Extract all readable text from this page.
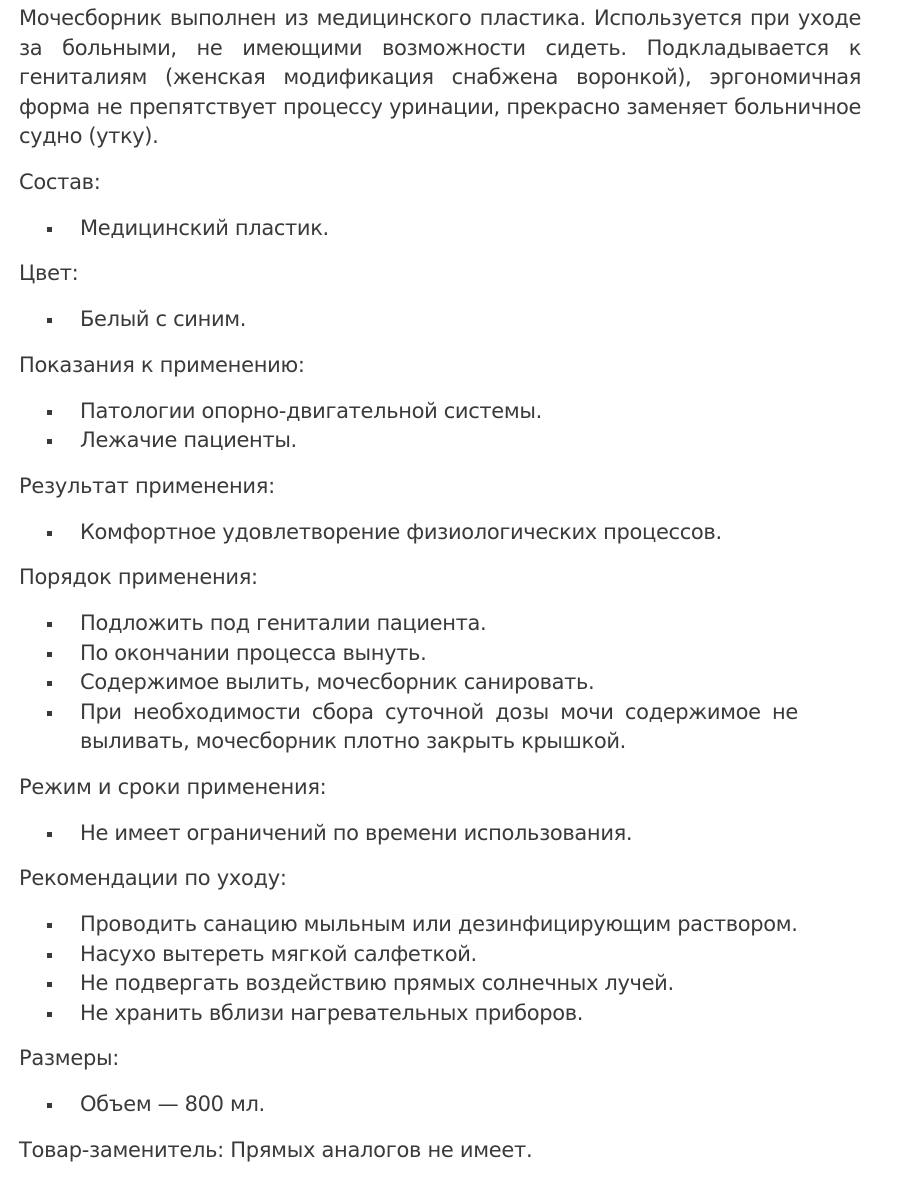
Мочесборник выполнен из медицинского пластика. Используется при уходе за больными, не имеющими возможности сидеть. Подкладывается к гениталиям (женская модификация снабжена воронкой), эргономичная форма не препятствует процессу уринации, прекрасно заменяет больничное судно (утку).

Состав:
Медицинский пластик.
Цвет:
Белый с синим.
Показания к применению:
Патологии опорно-двигательной системы.
Лежачие пациенты.
Результат применения:
Комфортное удовлетворение физиологических процессов.
Порядок применения:
Подложить под гениталии пациента.
По окончании процесса вынуть.
Содержимое вылить, мочесборник санировать.
При необходимости сбора суточной дозы мочи содержимое не выливать, мочесборник плотно закрыть крышкой.
Режим и сроки применения:
Не имеет ограничений по времени использования.
Рекомендации по уходу:
Проводить санацию мыльным или дезинфицирующим раствором.
Насухо вытереть мягкой салфеткой.
Не подвергать воздействию прямых солнечных лучей.
Не хранить вблизи нагревательных приборов.
Размеры:
Объем — 800 мл.

Товар-заменитель: Прямых аналогов не имеет.
